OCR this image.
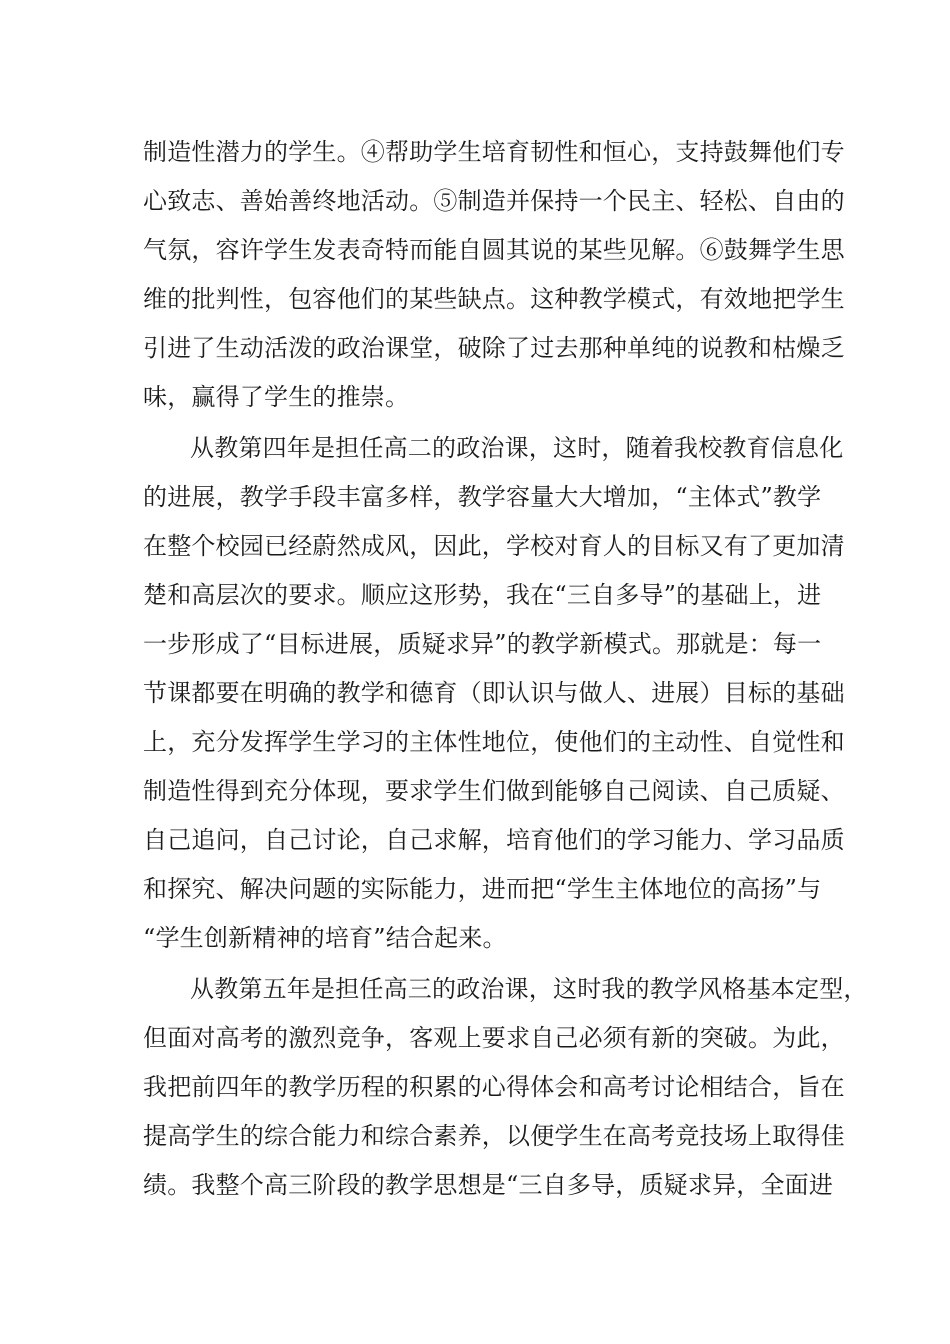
制造性潜力的学生。④帮助学生培育韧性和恒心，支持鼓舞他们专
心致志、善始善终地活动。⑤制造并保持一个民主、轻松、自由的
气氛，容许学生发表奇特而能自圆其说的某些见解。⑥鼓舞学生思
维的批判性，包容他们的某些缺点。这种教学模式，有效地把学生
引进了生动活泼的政治课堂，破除了过去那种单纯的说教和枯燥乏
味，赢得了学生的推崇。
从教第四年是担任高二的政治课，这时，随着我校教育信息化
的进展，教学手段丰富多样，教学容量大大增加，“主体式”教学
在整个校园已经蔚然成风，因此，学校对育人的目标又有了更加清
楚和高层次的要求。顺应这形势，我在“三自多导”的基础上，进
一步形成了“目标进展，质疑求异”的教学新模式。那就是：每一
节课都要在明确的教学和德育（即认识与做人、进展）目标的基础
上，充分发挥学生学习的主体性地位，使他们的主动性、自觉性和
制造性得到充分体现，要求学生们做到能够自己阅读、自己质疑、
自己追问，自己讨论，自己求解，培育他们的学习能力、学习品质
和探究、解决问题的实际能力，进而把“学生主体地位的高扬”与
“学生创新精神的培育”结合起来。
从教第五年是担任高三的政治课，这时我的教学风格基本定型，
但面对高考的激烈竞争，客观上要求自己必须有新的突破。为此，
我把前四年的教学历程的积累的心得体会和高考讨论相结合，旨在
提高学生的综合能力和综合素养，以便学生在高考竞技场上取得佳
绩。我整个高三阶段的教学思想是“三自多导，质疑求异，全面进
